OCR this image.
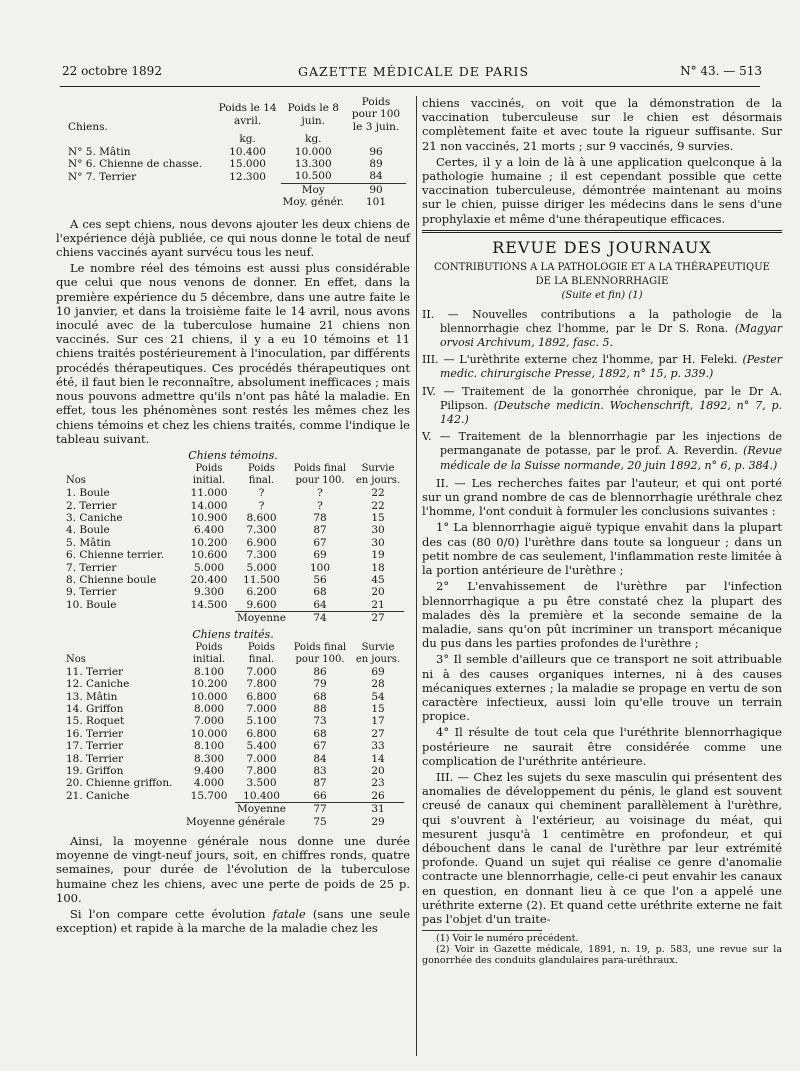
22 octobre 1892	GAZETTE MÉDICALE DE PARIS	N° 43. — 513
Chiens.	Poids le 14 avril.	Poids le 8 juin.	Poids pour 100 le 3 juin.
	kg.	kg.	
N° 5. Mâtin	10.400	10.000	96
N° 6. Chienne de chasse.	15.000	13.300	89
N° 7. Terrier	12.300	10.500	84
		Moy	90
		Moy. génér.	101

A ces sept chiens, nous devons ajouter les deux chiens de l'expérience déjà publiée, ce qui nous donne le total de neuf chiens vaccinés ayant survécu tous les neuf.

Le nombre réel des témoins est aussi plus considérable que celui que nous venons de donner. En effet, dans la première expérience du 5 décembre, dans une autre faite le 10 janvier, et dans la troisième faite le 14 avril, nous avons inoculé avec de la tuberculose humaine 21 chiens non vaccinés. Sur ces 21 chiens, il y a eu 10 témoins et 11 chiens traités postérieurement à l'inoculation, par différents procédés thérapeutiques. Ces procédés thérapeutiques ont été, il faut bien le reconnaître, absolument inefficaces ; mais nous pouvons admettre qu'ils n'ont pas hâté la maladie. En effet, tous les phénomènes sont restés les mêmes chez les chiens témoins et chez les chiens traités, comme l'indique le tableau suivant.

Chiens témoins.
Nos	Poids initial.	Poids final.	Poids final pour 100.	Survie en jours.
1. Boule	11.000	?	?	22
2. Terrier	14.000	?	?	22
3. Caniche	10.900	8.600	78	15
4. Boule	6.400	7.300	87	30
5. Mâtin	10.200	6.900	67	30
6. Chienne terrier.	10.600	7.300	69	19
7. Terrier	5.000	5.000	100	18
8. Chienne boule	20.400	11.500	56	45
9. Terrier	9.300	6.200	68	20
10. Boule	14.500	9.600	64	21
		Moyenne	74	27
Chiens traités.
Nos	Poids initial.	Poids final.	Poids final pour 100.	Survie en jours.
11. Terrier	8.100	7.000	86	69
12. Caniche	10.200	7.800	79	28
13. Mâtin	10.000	6.800	68	54
14. Griffon	8.000	7.000	88	15
15. Roquet	7.000	5.100	73	17
16. Terrier	10.000	6.800	68	27
17. Terrier	8.100	5.400	67	33
18. Terrier	8.300	7.000	84	14
19. Griffon	9.400	7.800	83	20
20. Chienne griffon.	4.000	3.500	87	23
21. Caniche	15.700	10.400	66	26
		Moyenne	77	31
	Moyenne générale		75	29

Ainsi, la moyenne générale nous donne une durée moyenne de vingt-neuf jours, soit, en chiffres ronds, quatre semaines, pour durée de l'évolution de la tuberculose humaine chez les chiens, avec une perte de poids de 25 p. 100.

Si l'on compare cette évolution fatale (sans une seule exception) et rapide à la marche de la maladie chez les

chiens vaccinés, on voit que la démonstration de la vaccination tuberculeuse sur le chien est désormais complètement faite et avec toute la rigueur suffisante. Sur 21 non vaccinés, 21 morts ; sur 9 vaccinés, 9 survies.

Certes, il y a loin de là à une application quelconque à la pathologie humaine ; il est cependant possible que cette vaccination tuberculeuse, démontrée maintenant au moins sur le chien, puisse diriger les médecins dans le sens d'une prophylaxie et même d'une thérapeutique efficaces.

REVUE DES JOURNAUX
CONTRIBUTIONS A LA PATHOLOGIE ET A LA THÉRAPEUTIQUE
DE LA BLENNORRHAGIE
(Suite et fin) (1)

II. — Nouvelles contributions a la pathologie de la blennorrhagie chez l'homme, par le Dr S. Rona. (Magyar orvosi Archivum, 1892, fasc. 5.

III. — L'urèthrite externe chez l'homme, par H. Feleki. (Pester medic. chirurgische Presse, 1892, n° 15, p. 339.)

IV. — Traitement de la gonorrhée chronique, par le Dr A. Pilipson. (Deutsche medicin. Wochenschrift, 1892, n° 7, p. 142.)

V. — Traitement de la blennorrhagie par les injections de permanganate de potasse, par le prof. A. Reverdin. (Revue médicale de la Suisse normande, 20 juin 1892, n° 6, p. 384.)

II. — Les recherches faites par l'auteur, et qui ont porté sur un grand nombre de cas de blennorrhagie uréthrale chez l'homme, l'ont conduit à formuler les conclusions suivantes :

1° La blennorrhagie aiguë typique envahit dans la plupart des cas (80 0/0) l'urèthre dans toute sa longueur ; dans un petit nombre de cas seulement, l'inflammation reste limitée à la portion antérieure de l'urèthre ;

2° L'envahissement de l'urèthre par l'infection blennorrhagique a pu être constaté chez la plupart des malades dès la première et la seconde semaine de la maladie, sans qu'on pût incriminer un transport mécanique du pus dans les parties profondes de l'urèthre ;

3° Il semble d'ailleurs que ce transport ne soit attribuable ni à des causes organiques internes, ni à des causes mécaniques externes ; la maladie se propage en vertu de son caractère infectieux, aussi loin qu'elle trouve un terrain propice.

4° Il résulte de tout cela que l'uréthrite blennorrhagique postérieure ne saurait être considérée comme une complication de l'uréthrite antérieure.

III. — Chez les sujets du sexe masculin qui présentent des anomalies de développement du pénis, le gland est souvent creusé de canaux qui cheminent parallèlement à l'urèthre, qui s'ouvrent à l'extérieur, au voisinage du méat, qui mesurent jusqu'à 1 centimètre en profondeur, et qui débouchent dans le canal de l'urèthre par leur extrémité profonde. Quand un sujet qui réalise ce genre d'anomalie contracte une blennorrhagie, celle-ci peut envahir les canaux en question, en donnant lieu à ce que l'on a appelé une uréthrite externe (2). Et quand cette uréthrite externe ne fait pas l'objet d'un traite-

(1) Voir le numéro précédent.

(2) Voir in Gazette médicale, 1891, n. 19, p. 583, une revue sur la gonorrhée des conduits glandulaires para-uréthraux.
